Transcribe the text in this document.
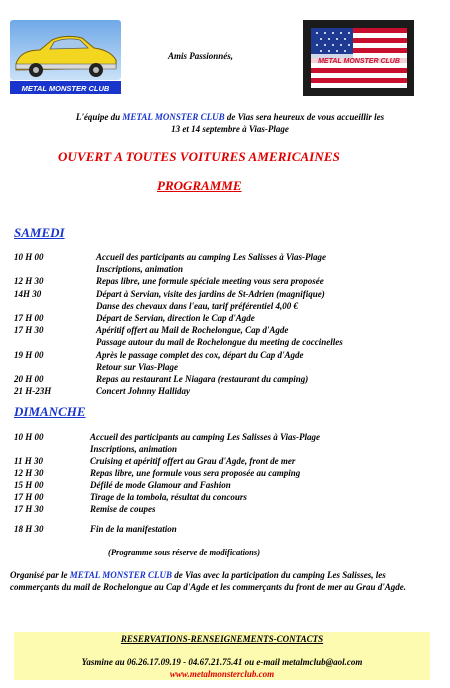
METAL MONSTER CLUB
Amis Passionnés,
METAL MONSTER CLUB
L'équipe du METAL MONSTER CLUB de Vias sera heureux de vous accueillir les
13 et 14 septembre à Vias-Plage
OUVERT A TOUTES VOITURES AMERICAINES
PROGRAMME
SAMEDI
10 H 00	Accueil des participants au camping Les Salisses à Vias-Plage
Inscriptions, animation
12 H 30	Repas libre, une formule spéciale meeting vous sera proposée
14H 30	Départ à Servian, visite des jardins de St-Adrien (magnifique)
Danse des chevaux dans l'eau, tarif préférentiel 4,00 €
17 H 00	Départ de Servian, direction le Cap d'Agde
17 H 30	Apéritif offert au Mail de Rochelongue, Cap d'Agde
Passage autour du mail de Rochelongue du meeting de coccinelles
19 H 00	Après le passage complet des cox, départ du Cap d'Agde
Retour sur Vias-Plage
20 H 00	Repas au restaurant Le Niagara (restaurant du camping)
21 H-23H	Concert Johnny Halliday
DIMANCHE
10 H 00	Accueil des participants au camping Les Salisses à Vias-Plage
Inscriptions, animation
11 H 30	Cruising et apéritif offert au Grau d'Agde, front de mer
12 H 30	Repas libre, une formule vous sera proposée au camping
15 H 00	Défilé de mode Glamour and Fashion
17 H 00	Tirage de la tombola, résultat du concours
17 H 30	Remise de coupes
18 H 30	Fin de la manifestation
(Programme sous réserve de modifications)
Organisé par le METAL MONSTER CLUB de Vias avec la participation du camping Les Salisses, les commerçants du mail de Rochelongue au Cap d'Agde et les commerçants du front de mer au Grau d'Agde.
RESERVATIONS-RENSEIGNEMENTS-CONTACTS
Yasmine au 06.26.17.09.19 - 04.67.21.75.41 ou e-mail metalmclub@aol.com
www.metalmonsterclub.com
